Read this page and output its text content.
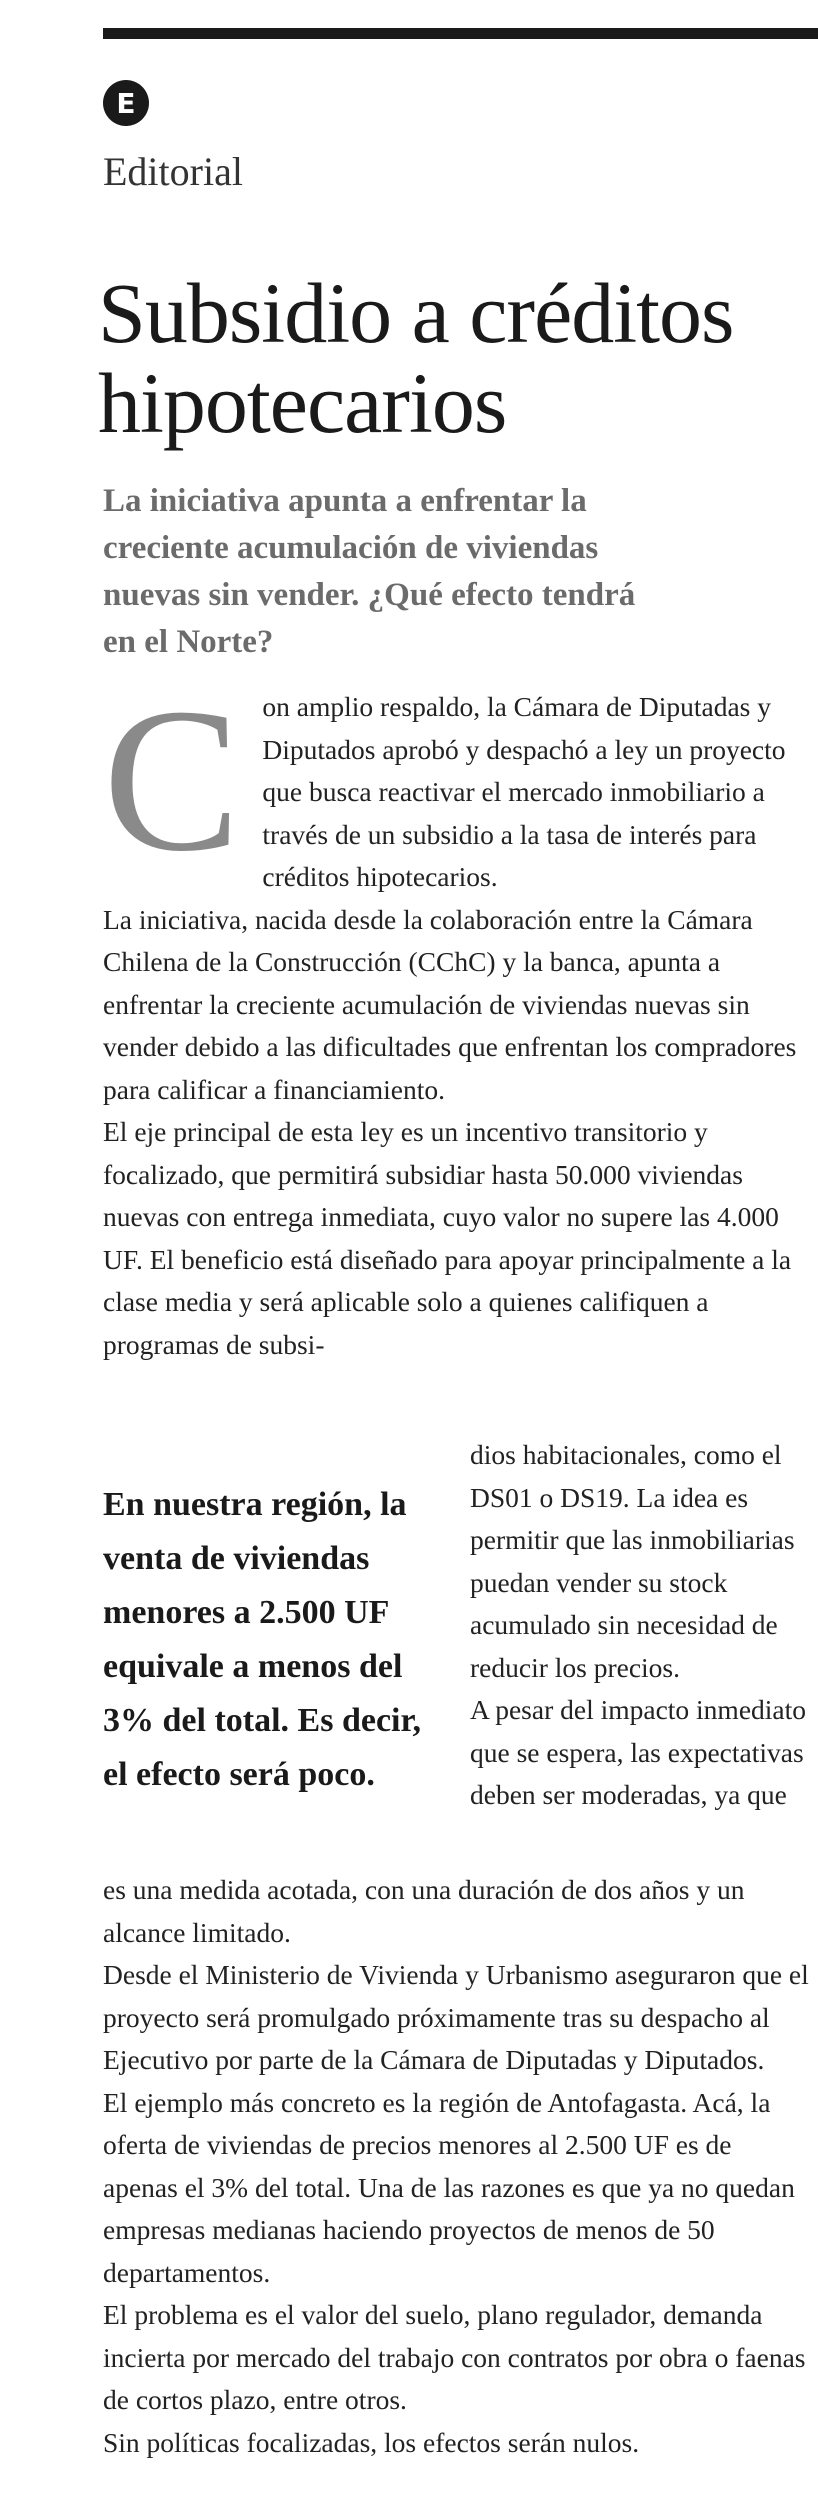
E
Editorial
Subsidio a créditos hipotecarios

La iniciativa apunta a enfrentar la creciente acumulación de viviendas nuevas sin vender. ¿Qué efecto tendrá en el Norte?

C on amplio respaldo, la Cámara de Diputadas y Diputados aprobó y despachó a ley un proyecto que busca reactivar el mercado inmobiliario a través de un subsidio a la tasa de interés para créditos hipotecarios.

La iniciativa, nacida desde la colaboración entre la Cámara Chilena de la Construcción (CChC) y la banca, apunta a enfrentar la creciente acumulación de viviendas nuevas sin vender debido a las dificultades que enfrentan los compradores para calificar a financiamiento.

El eje principal de esta ley es un incentivo transitorio y focalizado, que permitirá subsidiar hasta 50.000 viviendas nuevas con entrega inmediata, cuyo valor no supere las 4.000 UF. El beneficio está diseñado para apoyar principalmente a la clase media y será aplicable solo a quienes califiquen a programas de subsi-

En nuestra región, la venta de viviendas menores a 2.500 UF equivale a menos del 3% del total. Es decir, el efecto será poco.

dios habitacionales, como el DS01 o DS19. La idea es permitir que las inmobiliarias puedan vender su stock acumulado sin necesidad de reducir los precios.

A pesar del impacto inmediato que se espera, las expectativas deben ser moderadas, ya que

es una medida acotada, con una duración de dos años y un alcance limitado.

Desde el Ministerio de Vivienda y Urbanismo aseguraron que el proyecto será promulgado próximamente tras su despacho al Ejecutivo por parte de la Cámara de Diputadas y Diputados.

El ejemplo más concreto es la región de Antofagasta. Acá, la oferta de viviendas de precios menores al 2.500 UF es de apenas el 3% del total. Una de las razones es que ya no quedan empresas medianas haciendo proyectos de menos de 50 departamentos.

El problema es el valor del suelo, plano regulador, demanda incierta por mercado del trabajo con contratos por obra o faenas de cortos plazo, entre otros.

Sin políticas focalizadas, los efectos serán nulos.
